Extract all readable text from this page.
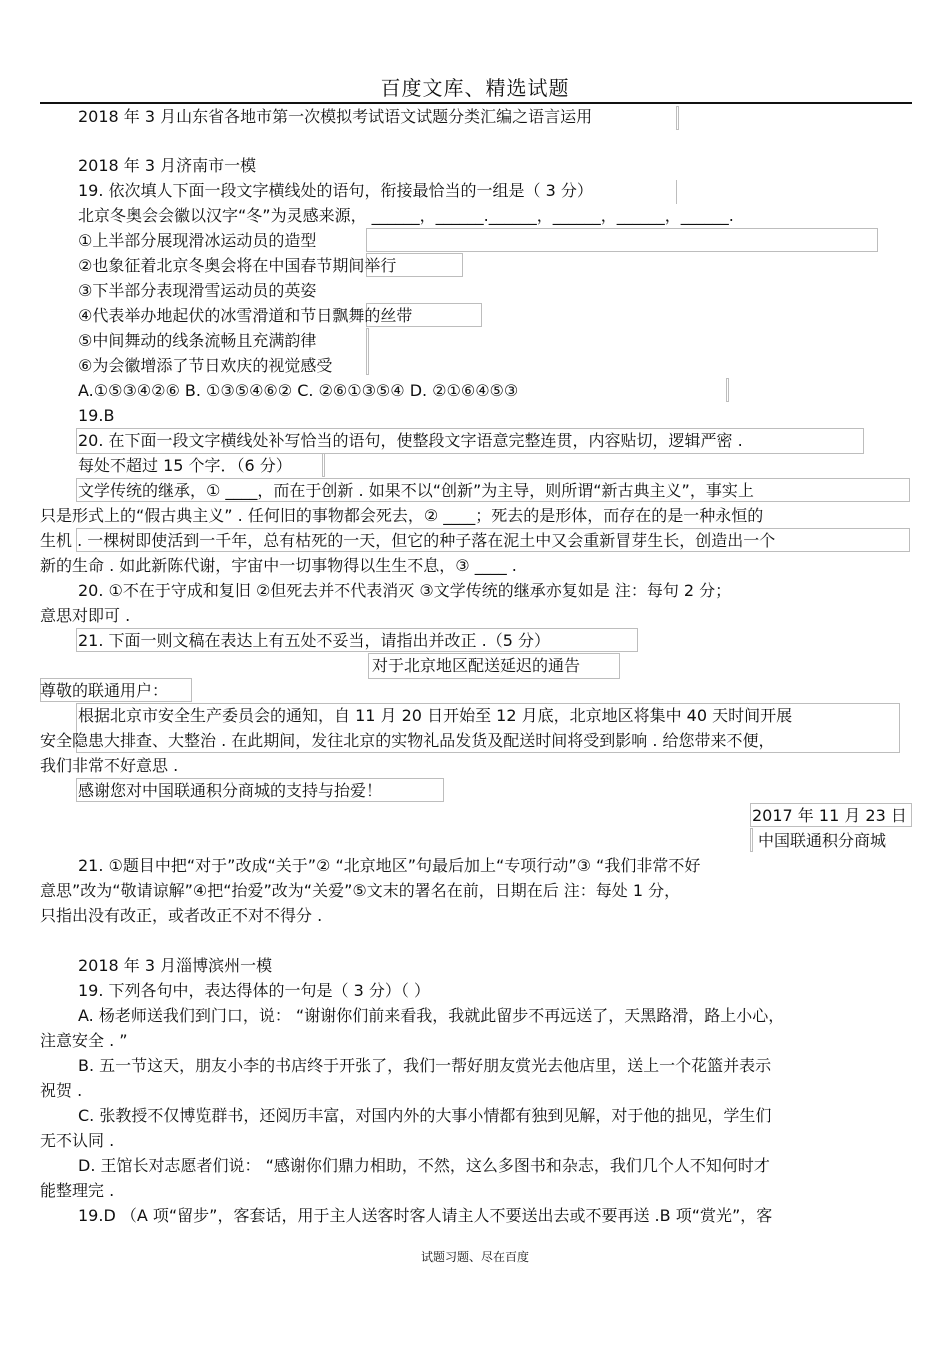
百度文库、精选试题
2018 年 3 月山东省各地市第一次模拟考试语文试题分类汇编之语言运用
2018 年 3 月济南市一模
19. 依次填人下面一段文字横线处的语句，衔接最恰当的一组是（ 3 分）
北京冬奥会会徽以汉字“冬”为灵感来源， ______，______.______，______，______，______.
①上半部分展现滑冰运动员的造型
②也象征着北京冬奥会将在中国春节期间举行
③下半部分表现滑雪运动员的英姿
④代表举办地起伏的冰雪滑道和节日飘舞的丝带
⑤中间舞动的线条流畅且充满韵律
⑥为会徽增添了节日欢庆的视觉感受
A.①⑤③④②⑥ B. ①③⑤④⑥② C. ②⑥①③⑤④ D. ②①⑥④⑤③
19.B
20. 在下面一段文字横线处补写恰当的语句，使整段文字语意完整连贯，内容贴切，逻辑严密 .
每处不超过 15 个字．（6 分）
文学传统的继承，① ____，而在于创新 . 如果不以“创新”为主导，则所谓“新古典主义”，事实上
只是形式上的“假古典主义” . 任何旧的事物都会死去，② ____；死去的是形体，而存在的是一种永恒的
生机 . 一棵树即使活到一千年，总有枯死的一天，但它的种子落在泥土中又会重新冒芽生长，创造出一个
新的生命 . 如此新陈代谢，宇宙中一切事物得以生生不息，③ ____ .
20. ①不在于守成和复旧 ②但死去并不代表消灭 ③文学传统的继承亦复如是 注：每句 2 分；
意思对即可 .
21. 下面一则文稿在表达上有五处不妥当，请指出并改正 .（5 分）
对于北京地区配送延迟的通告
尊敬的联通用户：
根据北京市安全生产委员会的通知，自 11 月 20 日开始至 12 月底，北京地区将集中 40 天时间开展
安全隐患大排查、大整治 . 在此期间，发往北京的实物礼品发货及配送时间将受到影响 . 给您带来不便，
我们非常不好意思 .
感谢您对中国联通积分商城的支持与抬爱！
2017 年 11 月 23 日
中国联通积分商城
21. ①题目中把“对于”改成“关于”② “北京地区”句最后加上“专项行动”③ “我们非常不好
意思”改为“敬请谅解”④把“抬爱”改为“关爱”⑤文末的署名在前，日期在后 注：每处 1 分，
只指出没有改正，或者改正不对不得分 .
2018 年 3 月淄博滨州一模
19. 下列各句中，表达得体的一句是（ 3 分）（ ）
A. 杨老师送我们到门口，说： “谢谢你们前来看我，我就此留步不再远送了，天黑路滑，路上小心，
注意安全 . ”
B. 五一节这天，朋友小李的书店终于开张了，我们一帮好朋友赏光去他店里，送上一个花篮并表示
祝贺 .
C. 张教授不仅博览群书，还阅历丰富，对国内外的大事小情都有独到见解，对于他的拙见，学生们
无不认同 .
D. 王馆长对志愿者们说： “感谢你们鼎力相助，不然，这么多图书和杂志，我们几个人不知何时才
能整理完 .
19.D （A 项“留步”，客套话，用于主人送客时客人请主人不要送出去或不要再送 .B 项“赏光”，客
试题习题、尽在百度
